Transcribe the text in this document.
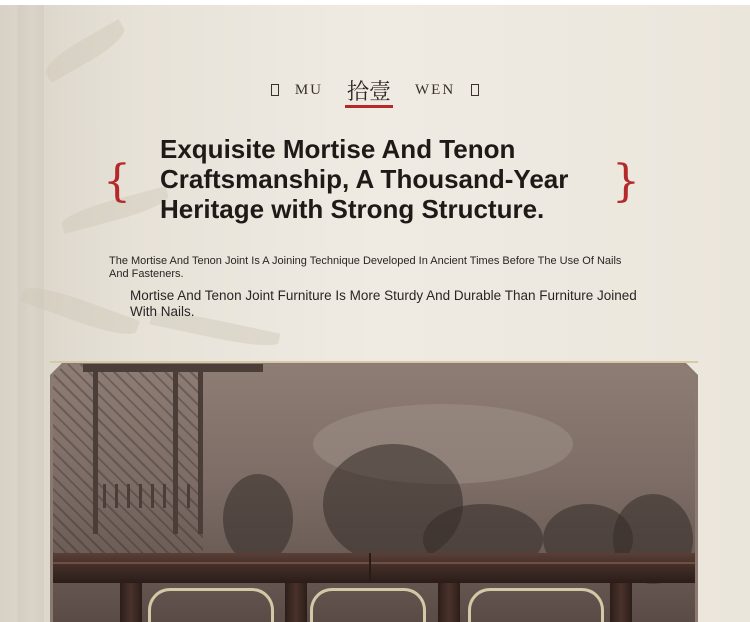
MU	拾壹	WEN
{
Exquisite Mortise And Tenon Craftsmanship, A Thousand-Year Heritage with Strong Structure.
}
The Mortise And Tenon Joint Is A Joining Technique Developed In Ancient Times Before The Use Of Nails And Fasteners.
Mortise And Tenon Joint Furniture Is More Sturdy And Durable Than Furniture Joined With Nails.
